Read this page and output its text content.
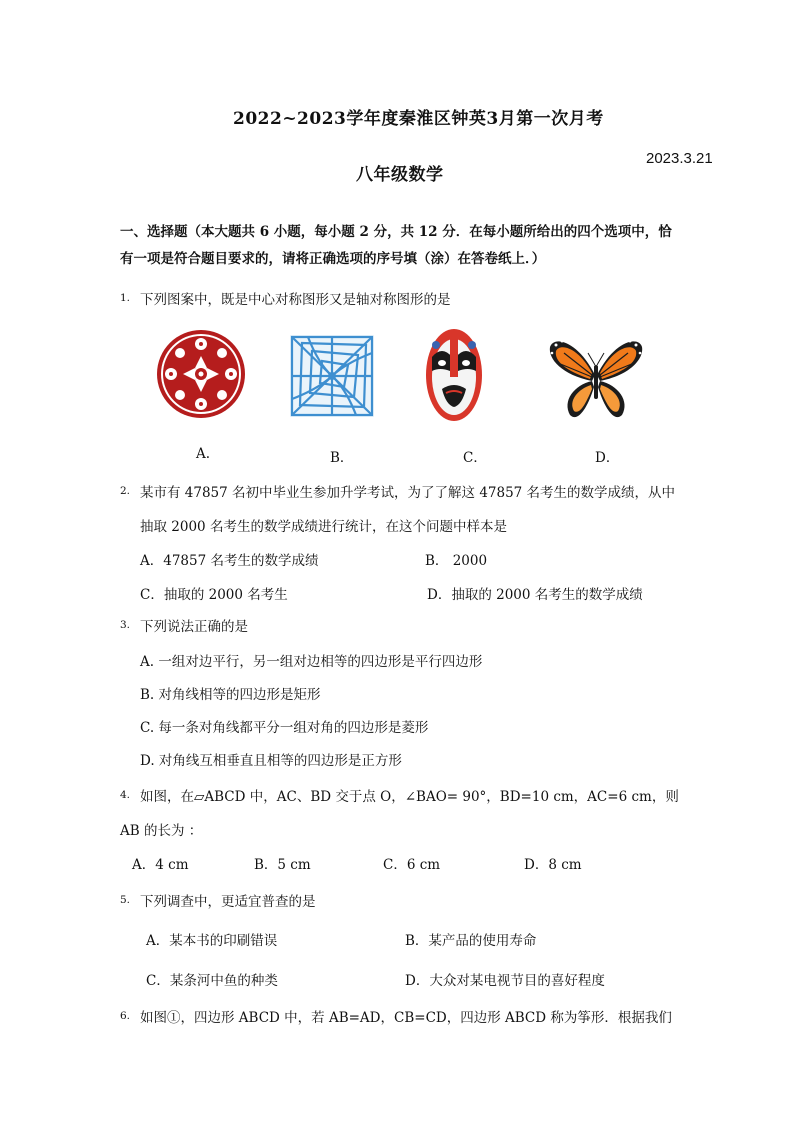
2022~2023学年度秦淮区钟英3月第一次月考
2023.3.21
八年级数学
一、选择题（本大题共 6 小题，每小题 2 分，共 12 分．在每小题所给出的四个选项中，恰
有一项是符合题目要求的，请将正确选项的序号填（涂）在答卷纸上．）
1. 下列图案中，既是中心对称图形又是轴对称图形的是
A.	B．	C．	D．
2. 某市有 47857 名初中毕业生参加升学考试，为了了解这 47857 名考生的数学成绩，从中
抽取 2000 名考生的数学成绩进行统计，在这个问题中样本是
A．47857 名考生的数学成绩	B． 2000
C．抽取的 2000 名考生	D．抽取的 2000 名考生的数学成绩
3. 下列说法正确的是
A. 一组对边平行，另一组对边相等的四边形是平行四边形
B. 对角线相等的四边形是矩形
C. 每一条对角线都平分一组对角的四边形是菱形
D. 对角线互相垂直且相等的四边形是正方形
4. 如图，在▱ABCD 中，AC、BD 交于点 O，∠BAO= 90°，BD=10 cm，AC=6 cm，则
AB 的长为 ：
A．4 cm	B．5 cm	C．6 cm	D．8 cm
5. 下列调查中，更适宜普查的是
A．某本书的印刷错误	B．某产品的使用寿命
C．某条河中鱼的种类	D．大众对某电视节目的喜好程度
6. 如图①，四边形 ABCD 中，若 AB=AD，CB=CD，四边形 ABCD 称为筝形．根据我们
